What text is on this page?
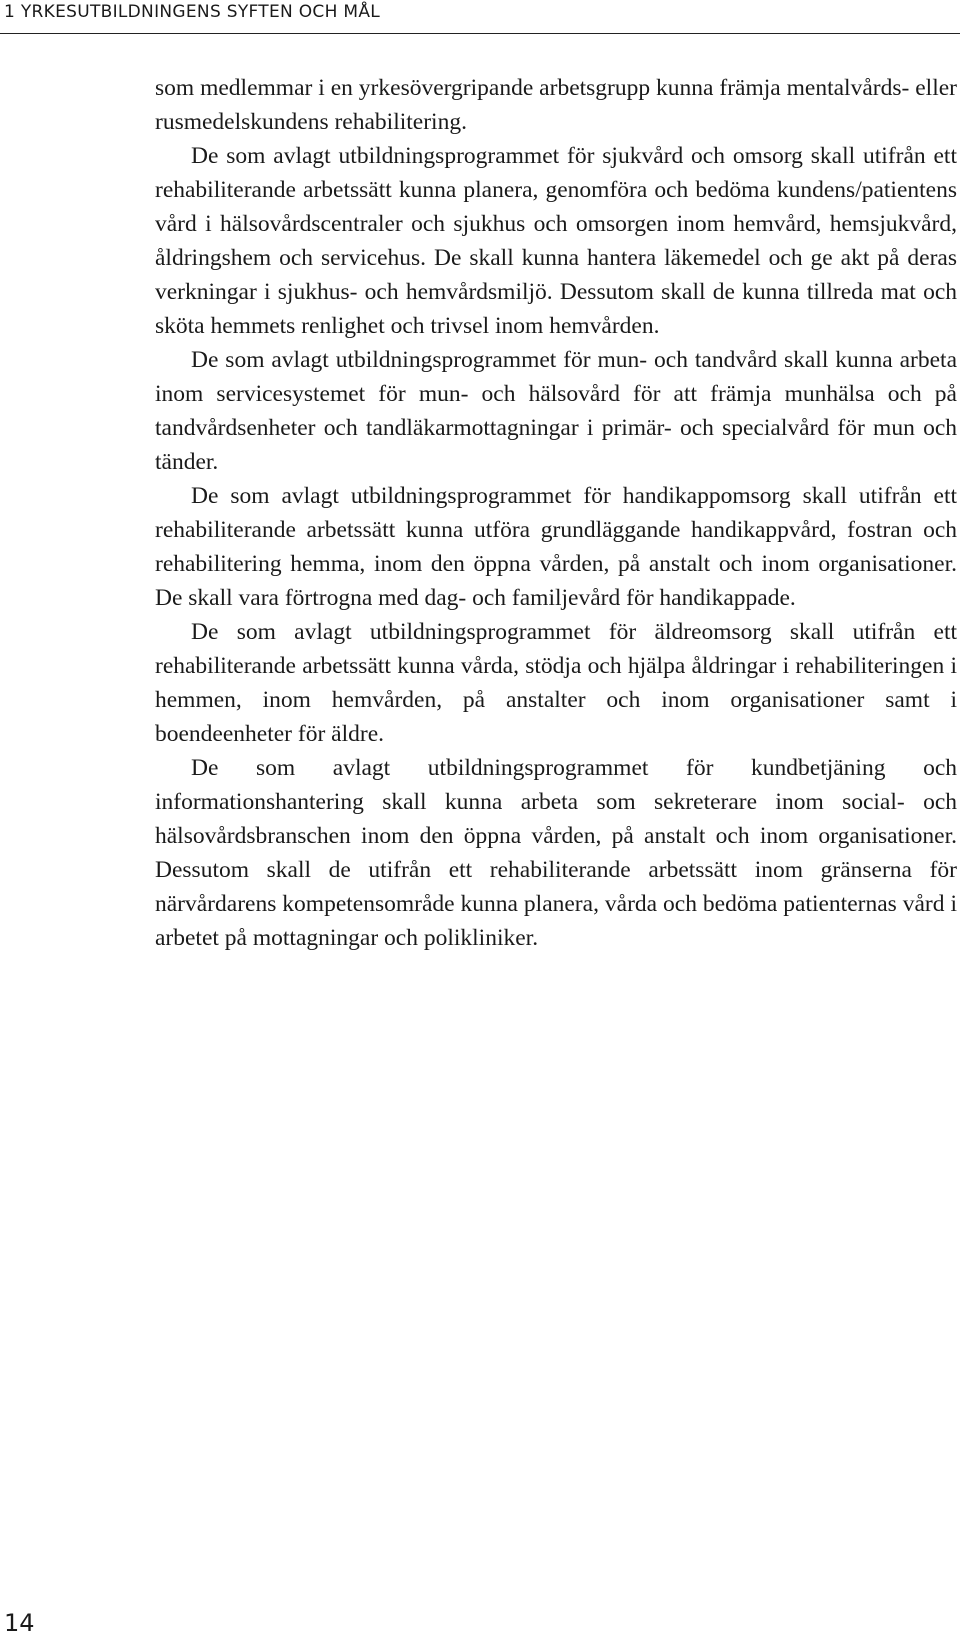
1 YRKESUTBILDNINGENS SYFTEN OCH MÅL

som medlemmar i en yrkesövergripande arbetsgrupp kunna främja mentalvårds- eller rusmedelskundens rehabilitering.

De som avlagt utbildningsprogrammet för sjukvård och omsorg skall utifrån ett rehabiliterande arbetssätt kunna planera, genomföra och bedöma kundens/patientens vård i hälsovårdscentraler och sjukhus och omsorgen inom hemvård, hemsjukvård, åldringshem och servicehus. De skall kunna hantera läkemedel och ge akt på deras verkningar i sjukhus- och hemvårdsmiljö. Dessutom skall de kunna tillreda mat och sköta hemmets renlighet och trivsel inom hemvården.

De som avlagt utbildningsprogrammet för mun- och tandvård skall kunna arbeta inom servicesystemet för mun- och hälsovård för att främja munhälsa och på tandvårdsenheter och tandläkarmottagningar i primär- och specialvård för mun och tänder.

De som avlagt utbildningsprogrammet för handikappomsorg skall utifrån ett rehabiliterande arbetssätt kunna utföra grundläggande handikappvård, fostran och rehabilitering hemma, inom den öppna vården, på anstalt och inom organisationer. De skall vara förtrogna med dag- och familjevård för handikappade.

De som avlagt utbildningsprogrammet för äldreomsorg skall utifrån ett rehabiliterande arbetssätt kunna vårda, stödja och hjälpa åldringar i rehabiliteringen i hemmen, inom hemvården, på anstalter och inom organisationer samt i boendeenheter för äldre.

De som avlagt utbildningsprogrammet för kundbetjäning och informationshantering skall kunna arbeta som sekreterare inom social- och hälsovårdsbranschen inom den öppna vården, på anstalt och inom organisationer. Dessutom skall de utifrån ett rehabiliterande arbetssätt inom gränserna för närvårdarens kompetensområde kunna planera, vårda och bedöma patienternas vård i arbetet på mottagningar och polikliniker.

14
